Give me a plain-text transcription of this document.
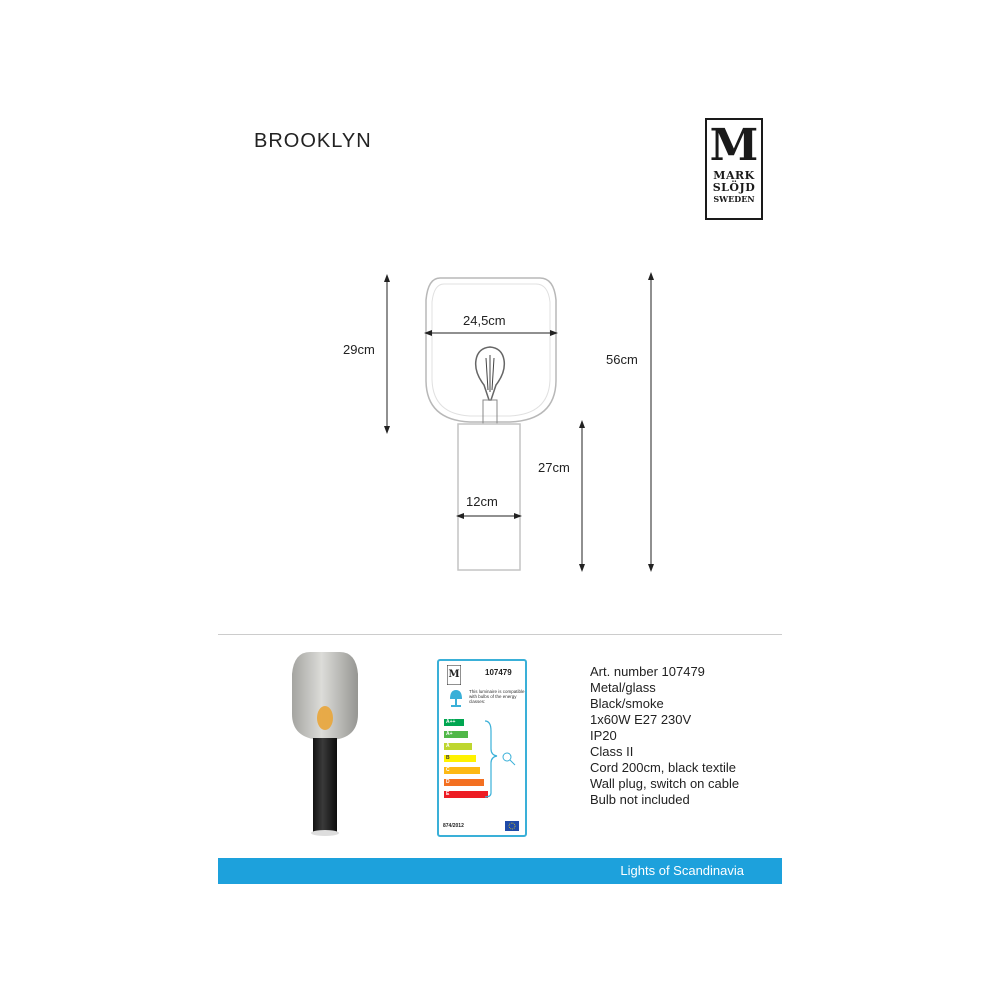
BROOKLYN	M
MARK
SLÖJD
SWEDEN
29cm
24,5cm
56cm
27cm
12cm
M	107479
This luminaire is compatible with bulbs of the energy classes:
A++
A+
A
B
C
D
E
874/2012
Art. number 107479
Metal/glass
Black/smoke
1x60W E27 230V
IP20
Class II
Cord 200cm, black textile
Wall plug, switch on cable
Bulb not included
Lights of Scandinavia
